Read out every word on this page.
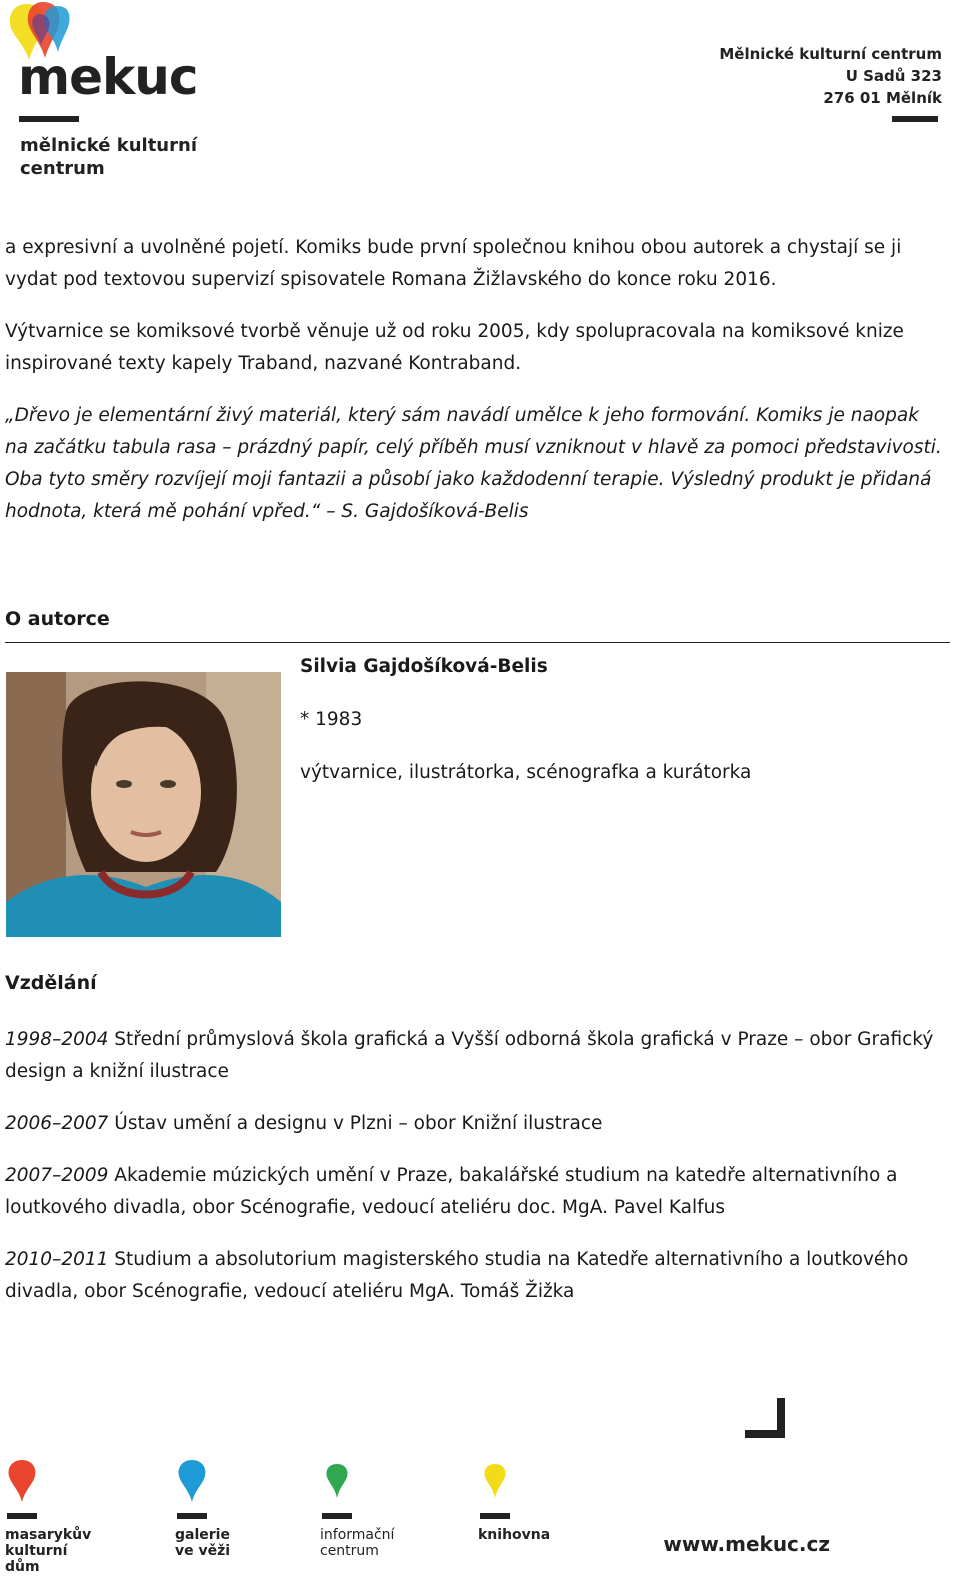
mekuc
mělnické kulturní centrum
Mělnické kulturní centrum
U Sadů 323
276 01 Mělník
a expresivní a uvolněné pojetí. Komiks bude první společnou knihou obou autorek a chystají se ji vydat pod textovou supervizí spisovatele Romana Žižlavského do konce roku 2016.
Výtvarnice se komiksové tvorbě věnuje už od roku 2005, kdy spolupracovala na komiksové knize inspirované texty kapely Traband, nazvané Kontraband.
„Dřevo je elementární živý materiál, který sám navádí umělce k jeho formování. Komiks je naopak na začátku tabula rasa – prázdný papír, celý příběh musí vzniknout v hlavě za pomoci představivosti. Oba tyto směry rozvíjejí moji fantazii a působí jako každodenní terapie. Výsledný produkt je přidaná hodnota, která mě pohání vpřed.“ – S. Gajdošíková-Belis
O autorce
Silvia Gajdošíková-Belis
* 1983
výtvarnice, ilustrátorka, scénografka a kurátorka
Vzdělání
1998–2004 Střední průmyslová škola grafická a Vyšší odborná škola grafická v Praze – obor Grafický design a knižní ilustrace
2006–2007 Ústav umění a designu v Plzni – obor Knižní ilustrace
2007–2009 Akademie múzických umění v Praze, bakalářské studium na katedře alternativního a loutkového divadla, obor Scénografie, vedoucí ateliéru doc. MgA. Pavel Kalfus
2010–2011 Studium a absolutorium magisterského studia na Katedře alternativního a loutkového divadla, obor Scénografie, vedoucí ateliéru MgA. Tomáš Žižka
masarykův kulturní dům
galerie ve věži
informační centrum
knihovna	www.mekuc.cz
